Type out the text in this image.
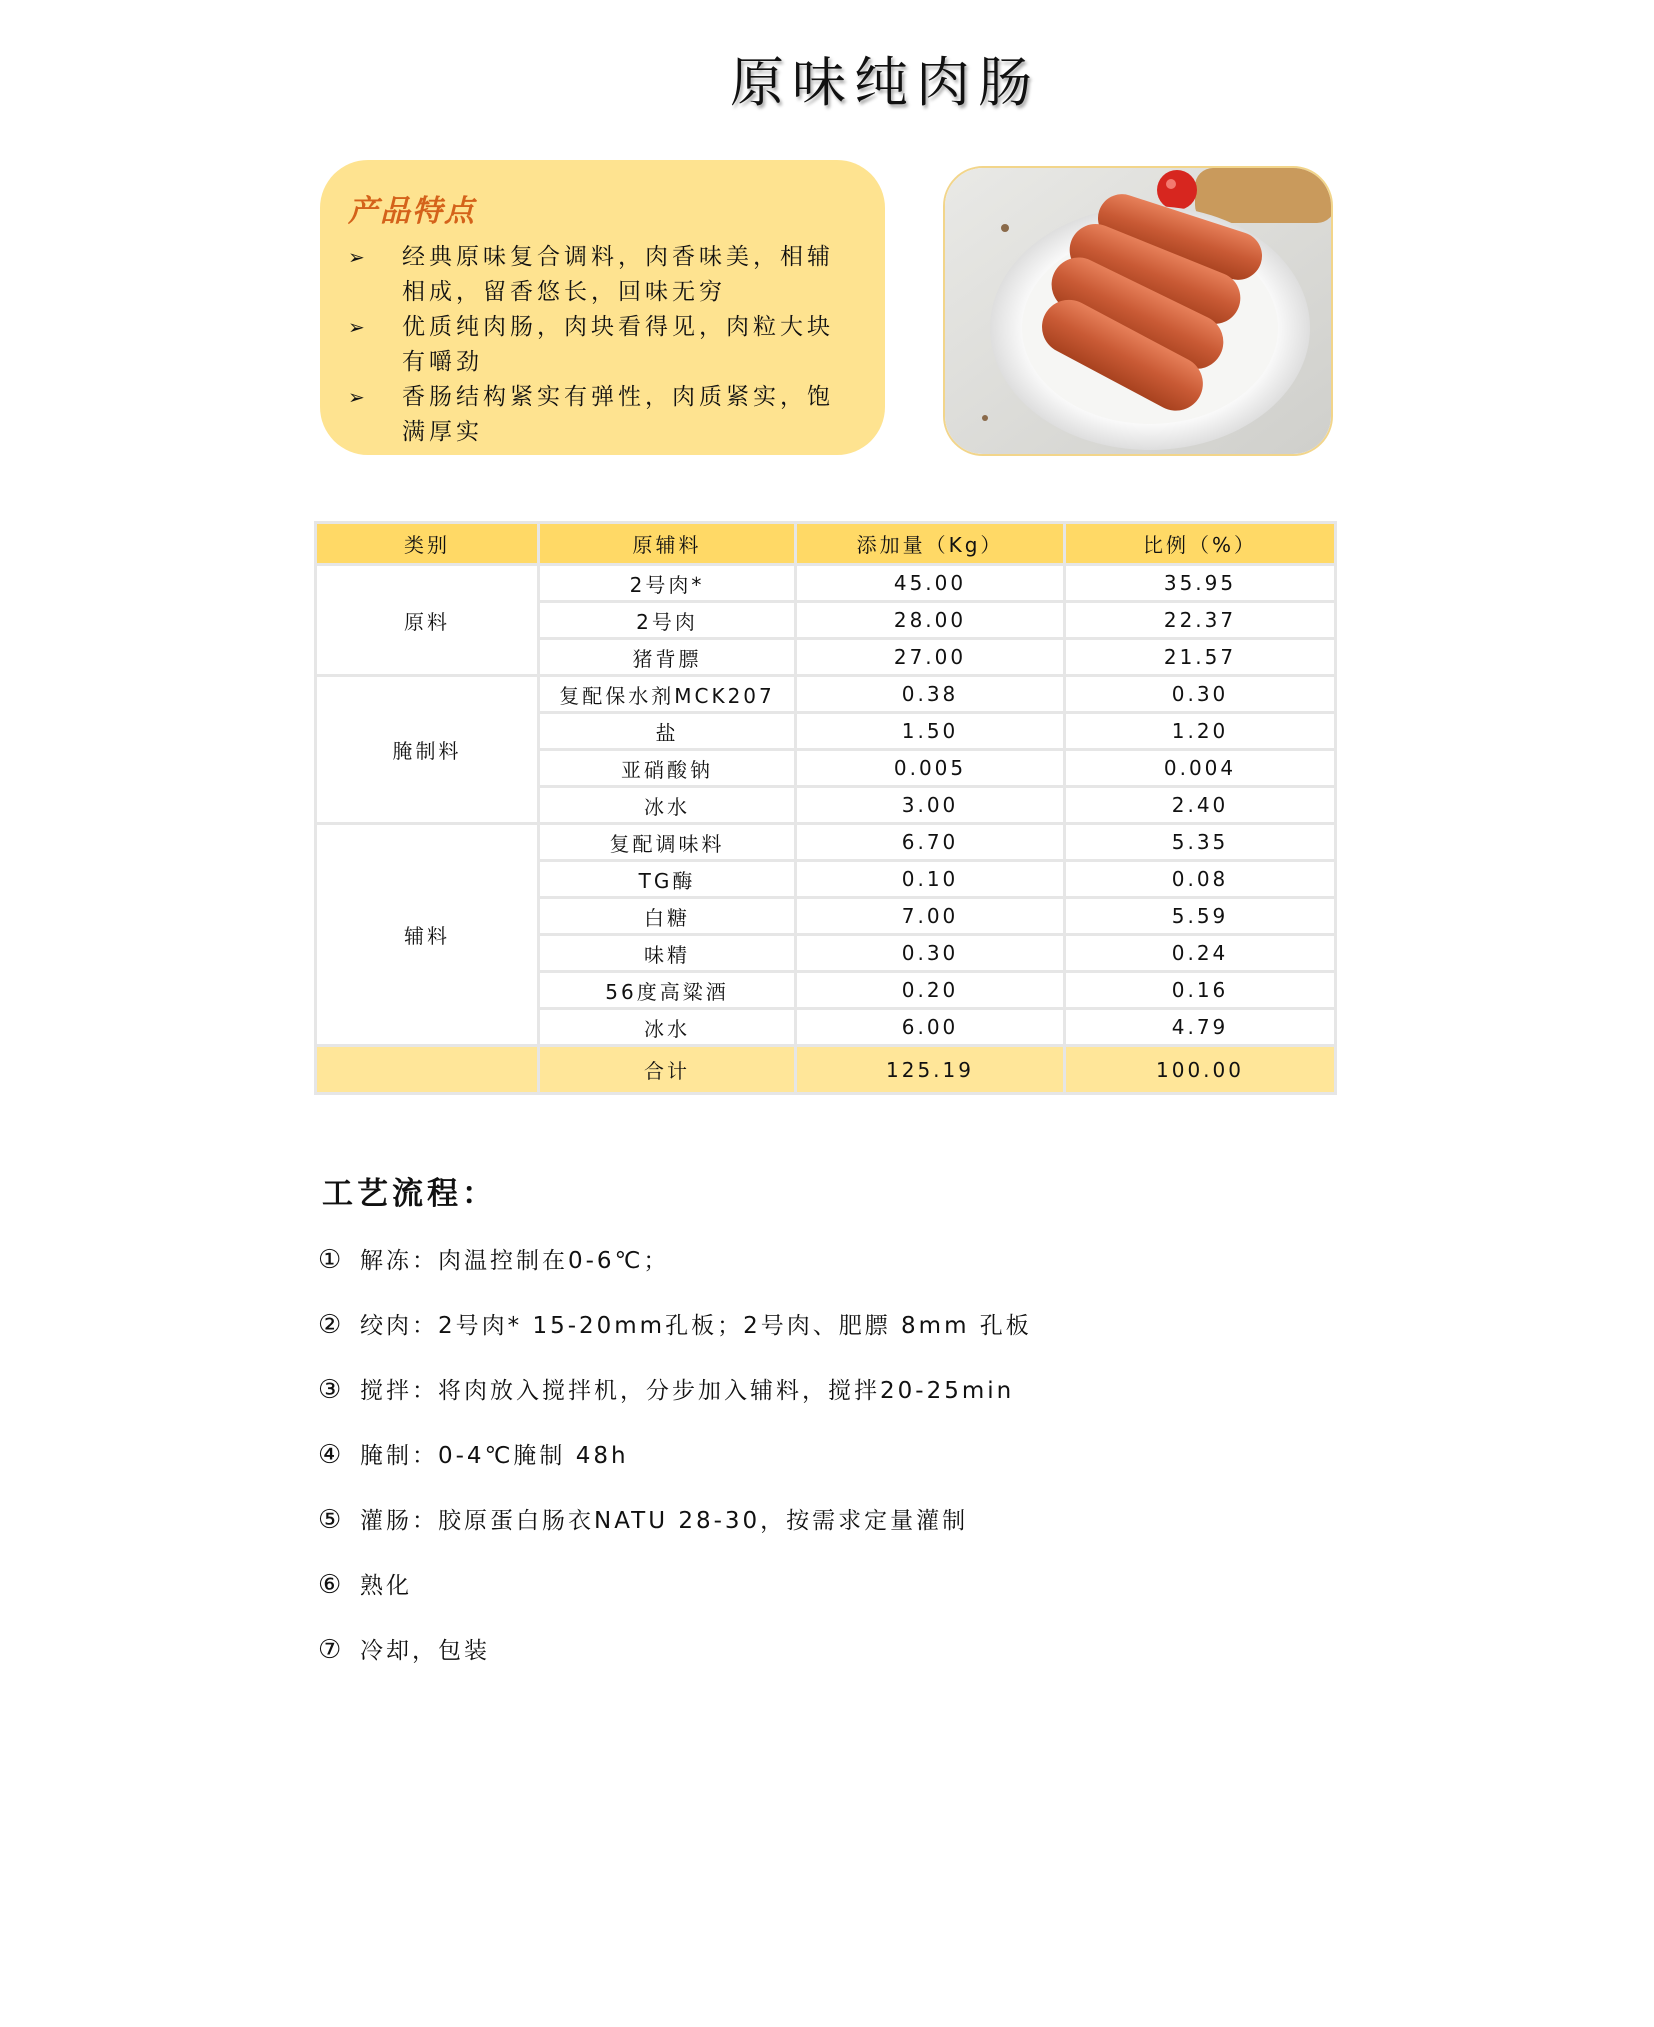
原味纯肉肠
产品特点
➢ 经典原味复合调料，肉香味美，相辅相成，留香悠长，回味无穷
➢ 优质纯肉肠，肉块看得见，肉粒大块有嚼劲
➢ 香肠结构紧实有弹性，肉质紧实，饱满厚实
类别	原辅料	添加量（Kg）	比例（%）
原料	2号肉*	45.00	35.95
	2号肉	28.00	22.37
	猪背膘	27.00	21.57
腌制料	复配保水剂MCK207	0.38	0.30
	盐	1.50	1.20
	亚硝酸钠	0.005	0.004
	冰水	3.00	2.40
辅料	复配调味料	6.70	5.35
	TG酶	0.10	0.08
	白糖	7.00	5.59
	味精	0.30	0.24
	56度高粱酒	0.20	0.16
	冰水	6.00	4.79
	合计	125.19	100.00
工艺流程：
① 解冻：肉温控制在0-6℃；
② 绞肉：2号肉* 15-20mm孔板；2号肉、肥膘 8mm 孔板
③ 搅拌：将肉放入搅拌机，分步加入辅料，搅拌20-25min
④ 腌制：0-4℃腌制 48h
⑤ 灌肠：胶原蛋白肠衣NATU 28-30，按需求定量灌制
⑥ 熟化
⑦ 冷却，包装
